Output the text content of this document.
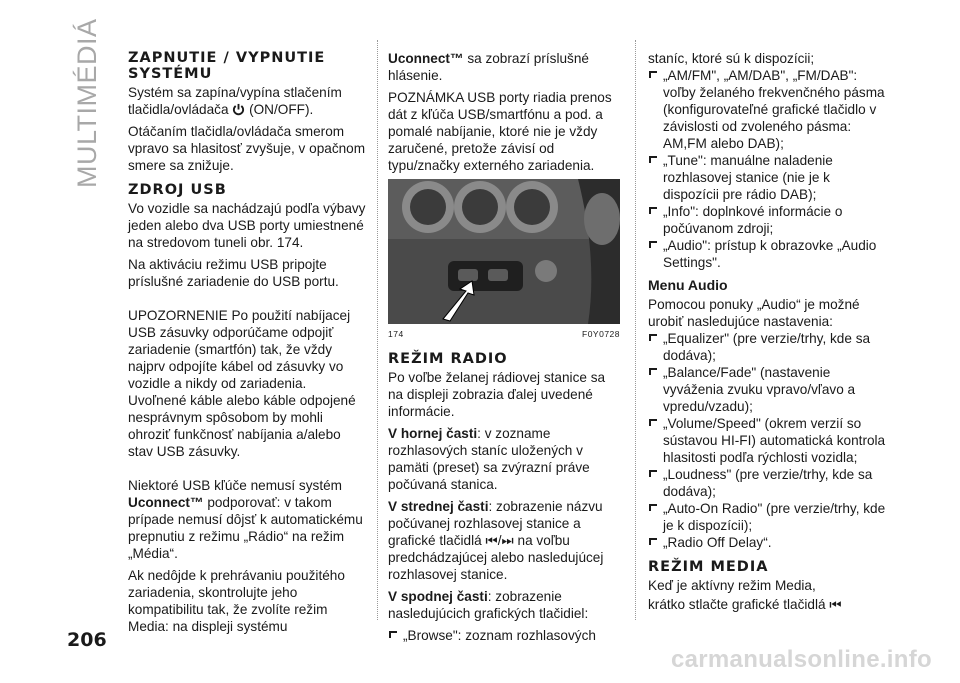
MULTIMÉDIÁ ZAPNUTIE / VYPNUTIE SYSTÉMU

Systém sa zapína/vypína stlačením tlačidla/ovládača (ON/OFF).

Otáčaním tlačidla/ovládača smerom vpravo sa hlasitosť zvyšuje, v opačnom smere sa znižuje.

ZDROJ USB

Vo vozidle sa nachádzajú podľa výbavy jeden alebo dva USB porty umiestnené na stredovom tuneli obr. 174.

Na aktiváciu režimu USB pripojte príslušné zariadenie do USB portu.

UPOZORNENIE Po použití nabíjacej USB zásuvky odporúčame odpojiť zariadenie (smartfón) tak, že vždy najprv odpojíte kábel od zásuvky vo vozidle a nikdy od zariadenia. Uvoľnené káble alebo káble odpojené nesprávnym spôsobom by mohli ohroziť funkčnosť nabíjania a/alebo stav USB zásuvky.

Niektoré USB kľúče nemusí systém Uconnect™ podporovať: v takom prípade nemusí dôjsť k automatickému prepnutiu z režimu „Rádio“ na režim „Média“.

Ak nedôjde k prehrávaniu použitého zariadenia, skontrolujte jeho kompatibilitu tak, že zvolíte režim Media: na displeji systému

Uconnect™ sa zobrazí príslušné hlásenie.

POZNÁMKA USB porty riadia prenos dát z kľúča USB/smartfónu a pod. a pomalé nabíjanie, ktoré nie je vždy zaručené, pretože závisí od typu/značky externého zariadenia.

174	F0Y0728
REŽIM RADIO

Po voľbe želanej rádiovej stanice sa na displeji zobrazia ďalej uvedené informácie.

V hornej časti: v zozname rozhlasových staníc uložených v pamäti (preset) sa zvýrazní práve počúvaná stanica.

V strednej časti: zobrazenie názvu počúvanej rozhlasovej stanice a grafické tlačidlá ⏮/⏭ na voľbu predchádzajúcej alebo nasledujúcej rozhlasovej stanice.

V spodnej časti: zobrazenie nasledujúcich grafických tlačidiel:

„Browse": zoznam rozhlasových

staníc, ktoré sú k dispozícii;

„AM/FM", „AM/DAB", „FM/DAB": voľby želaného frekvenčného pásma (konfigurovateľné grafické tlačidlo v závislosti od zvoleného pásma: AM,FM alebo DAB);
„Tune": manuálne naladenie rozhlasovej stanice (nie je k dispozícii pre rádio DAB);
„Info": doplnkové informácie o počúvanom zdroji;
„Audio": prístup k obrazovke „Audio Settings".
Menu Audio

Pomocou ponuky „Audio“ je možné urobiť nasledujúce nastavenia:

„Equalizer" (pre verzie/trhy, kde sa dodáva);
„Balance/Fade" (nastavenie vyváženia zvuku vpravo/vľavo a vpredu/vzadu);
„Volume/Speed" (okrem verzií so sústavou HI-FI) automatická kontrola hlasitosti podľa rýchlosti vozidla;
„Loudness" (pre verzie/trhy, kde sa dodáva);
„Auto-On Radio" (pre verzie/trhy, kde je k dispozícii);
„Radio Off Delay“.
REŽIM MEDIA

Keď je aktívny režim Media,

krátko stlačte grafické tlačidlá ⏮

206
carmanualsonline.info
